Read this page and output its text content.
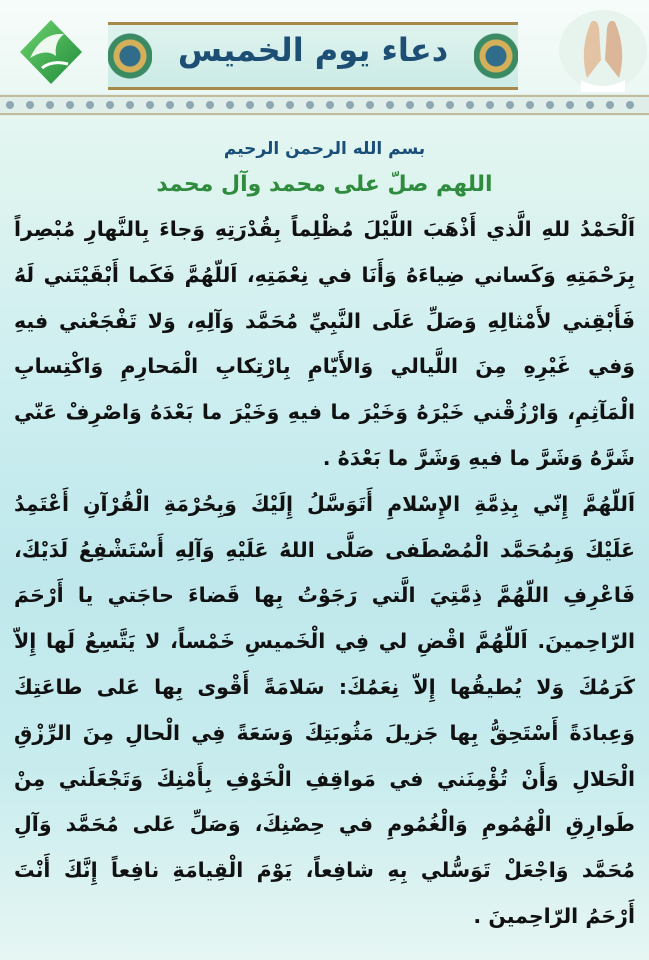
دعاء يوم الخميس
بسم الله الرحمن الرحيم
اللهم صلّ على محمد وآل محمد

اَلْحَمْدُ للهِ الَّذي أَذْهَبَ اللَّيْلَ مُظْلِماً بِقُدْرَتِهِ وَجاءَ بِالنَّهارِ مُبْصِراً بِرَحْمَتِهِ وَكَساني ضِياءَهُ وَأَنَا في نِعْمَتِهِ، اَللّهُمَّ فَكَما أَبْقَيْتَني لَهُ فَأَبْقِني لأَمْثالِهِ وَصَلِّ عَلَى النَّبِيِّ مُحَمَّد وَآلِهِ، وَلا تَفْجَعْني فيهِ وَفي غَيْرِهِ مِنَ اللَّيالي وَالأَيّامِ بِارْتِكابِ الْمَحارِمِ وَاكْتِسابِ الْمَآثِمِ، وَارْزُقْني خَيْرَهُ وَخَيْرَ ما فيهِ وَخَيْرَ ما بَعْدَهُ وَاصْرِفْ عَنّي شَرَّهُ وَشَرَّ ما فيهِ وَشَرَّ ما بَعْدَهُ .

اَللّهُمَّ إِنّي بِذِمَّةِ الإِسْلامِ أَتَوَسَّلُ إِلَيْكَ وَبِحُرْمَةِ الْقُرْآنِ أَعْتَمِدُ عَلَيْكَ وَبِمُحَمَّد الْمُصْطَفى صَلَّى اللهُ عَلَيْهِ وَآلِهِ أَسْتَشْفِعُ لَدَيْكَ، فَاعْرِفِ اللّهُمَّ ذِمَّتِيَ الَّتي رَجَوْتُ بِها قَضاءَ حاجَتي يا أَرْحَمَ الرّاحِمينَ. اَللّهُمَّ اقْضِ لي فِي الْخَميسِ خَمْساً، لا يَتَّسِعُ لَها إِلاّ كَرَمُكَ وَلا يُطيقُها إِلاّ نِعَمُكَ: سَلامَةً أَقْوى بِها عَلى طاعَتِكَ وَعِبادَةً أَسْتَحِقُّ بِها جَزيلَ مَثُوبَتِكَ وَسَعَةً فِي الْحالِ مِنَ الرِّزْقِ الْحَلالِ وَأَنْ تُؤْمِنَني في مَواقِفِ الْخَوْفِ بِأَمْنِكَ وَتَجْعَلَني مِنْ طَوارِقِ الْهُمُومِ وَالْغُمُومِ في حِصْنِكَ، وَصَلِّ عَلى مُحَمَّد وَآلِ مُحَمَّد وَاجْعَلْ تَوَسُّلي بِهِ شافِعاً، يَوْمَ الْقِيامَةِ نافِعاً إِنَّكَ أَنْتَ أَرْحَمُ الرّاحِمينَ .
